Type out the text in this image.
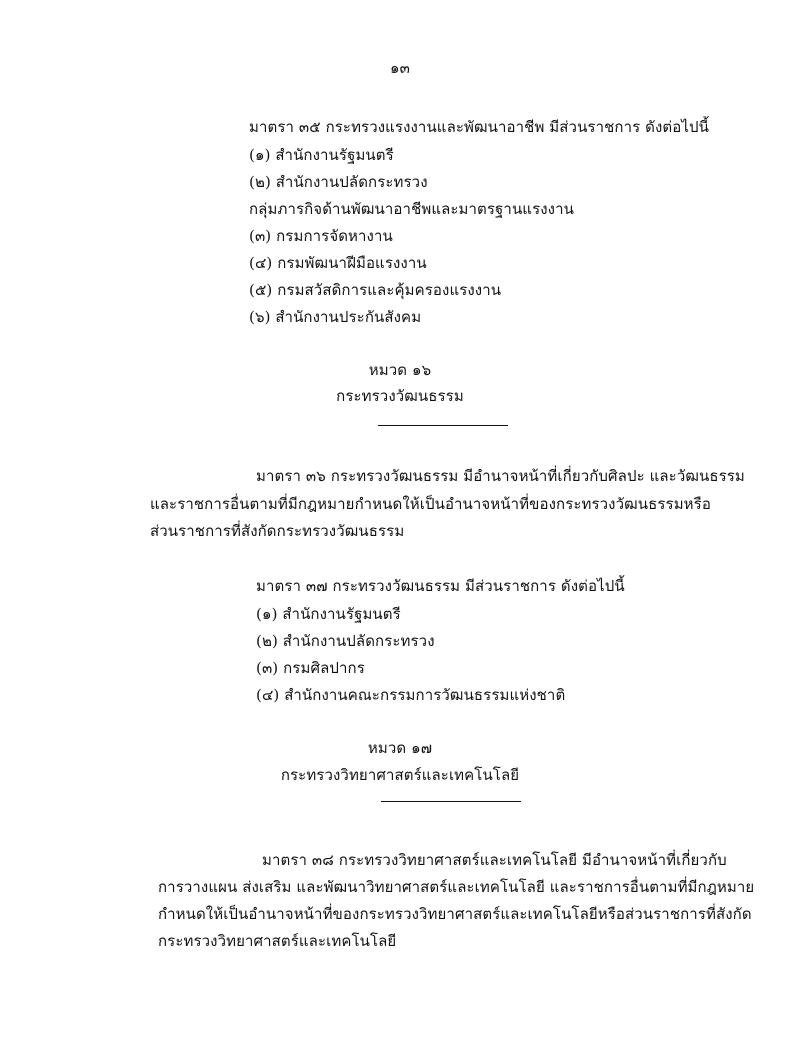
๑๓
มาตรา ๓๕ กระทรวงแรงงานและพัฒนาอาชีพ มีส่วนราชการ ดังต่อไปนี้
(๑) สำนักงานรัฐมนตรี
(๒) สำนักงานปลัดกระทรวง
กลุ่มภารกิจด้านพัฒนาอาชีพและมาตรฐานแรงงาน
(๓) กรมการจัดหางาน
(๔) กรมพัฒนาฝีมือแรงงาน
(๕) กรมสวัสดิการและคุ้มครองแรงงาน
(๖) สำนักงานประกันสังคม
หมวด ๑๖
กระทรวงวัฒนธรรม
มาตรา ๓๖ กระทรวงวัฒนธรรม มีอำนาจหน้าที่เกี่ยวกับศิลปะ และวัฒนธรรม
และราชการอื่นตามที่มีกฎหมายกำหนดให้เป็นอำนาจหน้าที่ของกระทรวงวัฒนธรรมหรือ
ส่วนราชการที่สังกัดกระทรวงวัฒนธรรม
มาตรา ๓๗ กระทรวงวัฒนธรรม มีส่วนราชการ ดังต่อไปนี้
(๑) สำนักงานรัฐมนตรี
(๒) สำนักงานปลัดกระทรวง
(๓) กรมศิลปากร
(๔) สำนักงานคณะกรรมการวัฒนธรรมแห่งชาติ
หมวด ๑๗
กระทรวงวิทยาศาสตร์และเทคโนโลยี
มาตรา ๓๘ กระทรวงวิทยาศาสตร์และเทคโนโลยี มีอำนาจหน้าที่เกี่ยวกับ
การวางแผน ส่งเสริม และพัฒนาวิทยาศาสตร์และเทคโนโลยี และราชการอื่นตามที่มีกฎหมาย
กำหนดให้เป็นอำนาจหน้าที่ของกระทรวงวิทยาศาสตร์และเทคโนโลยีหรือส่วนราชการที่สังกัด
กระทรวงวิทยาศาสตร์และเทคโนโลยี
